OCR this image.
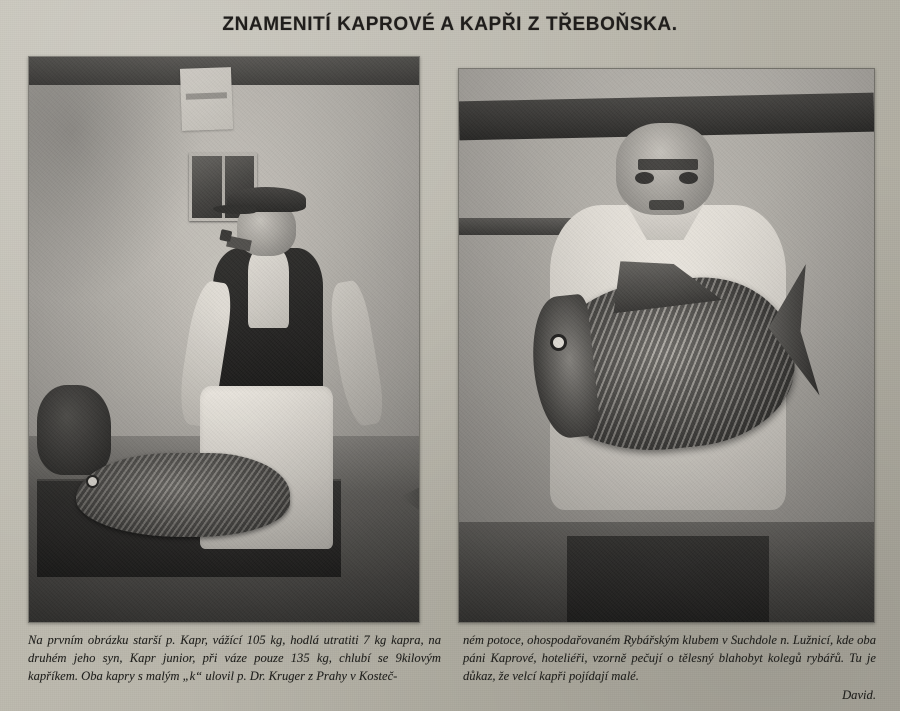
ZNAMENITÍ KAPROVÉ A KAPŘI Z TŘEBOŇSKA.

Na prvním obrázku starší p. Kapr, vážící 105 kg, hodlá utratiti 7 kg kapra, na druhém jeho syn, Kapr junior, při váze pouze 135 kg, chlubí se 9kilovým kapříkem. Oba kapry s malým „k“ ulovil p. Dr. Kruger z Prahy v Kosteč-

ném potoce, ohospodařovaném Rybářským klubem v Suchdole n. Lužnicí, kde oba páni Kaprové, hoteliéři, vzorně pečují o tělesný blahobyt kolegů rybářů. Tu je důkaz, že velcí kapři pojídají malé.

David.
